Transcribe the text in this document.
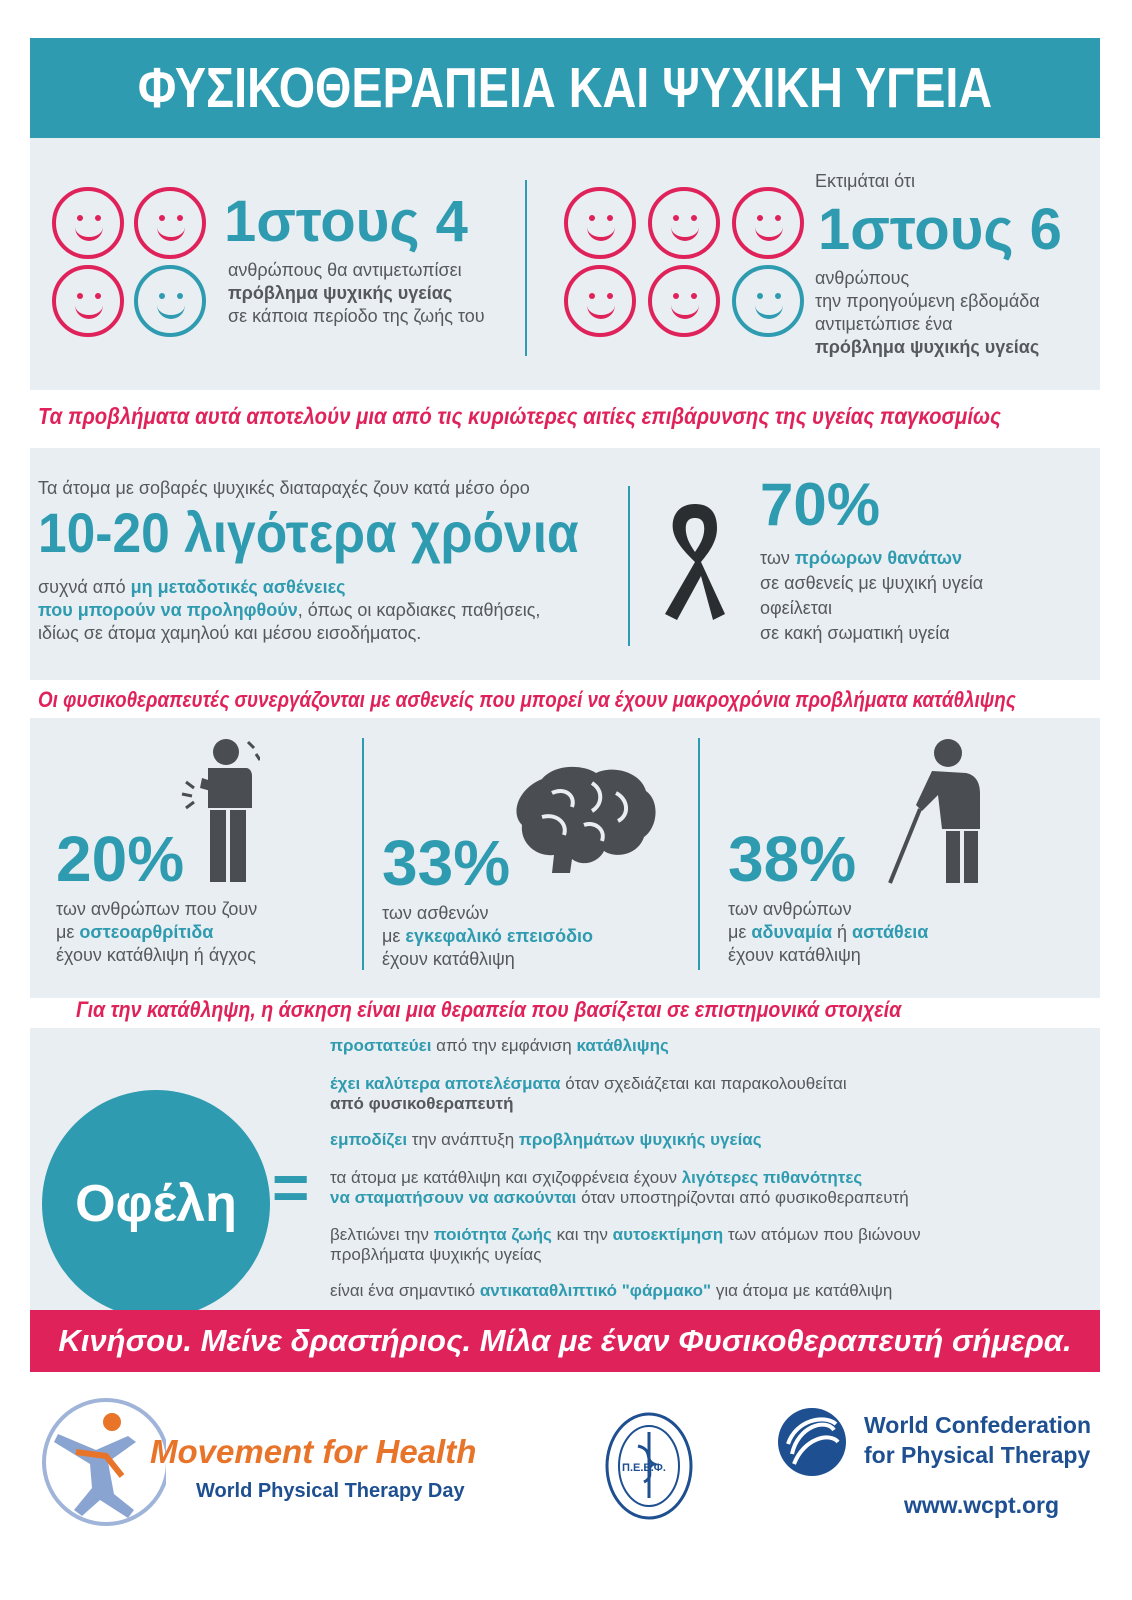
ΦΥΣΙΚΟΘΕΡΑΠΕΙΑ ΚΑΙ ΨΥΧΙΚΗ ΥΓΕΙΑ
1στους 4
ανθρώπους θα αντιμετωπίσει
πρόβλημα ψυχικής υγείας
σε κάποια περίοδο της ζωής του
Εκτιμάται ότι
1στους 6
ανθρώπους
την προηγούμενη εβδομάδα
αντιμετώπισε ένα
πρόβλημα ψυχικής υγείας
Τα προβλήματα αυτά αποτελούν μια από τις κυριώτερες αιτίες επιβάρυνσης της υγείας παγκοσμίως
Τα άτομα με σοβαρές ψυχικές διαταραχές ζουν κατά μέσο όρο
10-20 λιγότερα χρόνια
συχνά από μη μεταδοτικές ασθένειες
που μπορούν να προληφθούν, όπως οι καρδιακες παθήσεις,
ιδίως σε άτομα χαμηλού και μέσου εισοδήματος.
70%
των πρόωρων θανάτων
σε ασθενείς με ψυχική υγεία
οφείλεται
σε κακή σωματική υγεία
Οι φυσικοθεραπευτές συνεργάζονται με ασθενείς που μπορεί να έχουν μακροχρόνια προβλήματα κατάθλιψης
20%
των ανθρώπων που ζουν
με οστεοαρθρίτιδα
έχουν κατάθλιψη ή άγχος
33%
των ασθενών
με εγκεφαλικό επεισόδιο
έχουν κατάθλιψη
38%
των ανθρώπων
με αδυναμία ή αστάθεια
έχουν κατάθλιψη
Για την κατάθληψη, η άσκηση είναι μια θεραπεία που βασίζεται σε επιστημονικά στοιχεία
Οφέλη =
προστατεύει από την εμφάνιση κατάθλιψης
έχει καλύτερα αποτελέσματα όταν σχεδιάζεται και παρακολουθείται
από φυσικοθεραπευτή
εμποδίζει την ανάπτυξη προβλημάτων ψυχικής υγείας
τα άτομα με κατάθλιψη και σχιζοφρένεια έχουν λιγότερες πιθανότητες
να σταματήσουν να ασκούνται όταν υποστηρίζονται από φυσικοθεραπευτή
βελτιώνει την ποιότητα ζωής και την αυτοεκτίμηση των ατόμων που βιώνουν
προβλήματα ψυχικής υγείας
είναι ένα σημαντικό αντικαταθλιπτικό "φάρμακο" για άτομα με κατάθλιψη
Κινήσου. Μείνε δραστήριος. Μίλα με έναν Φυσικοθεραπευτή σήμερα.
Movement for Health
World Physical Therapy Day
Π.Ε.Ε.Φ.
World Confederation
for Physical Therapy
www.wcpt.org
